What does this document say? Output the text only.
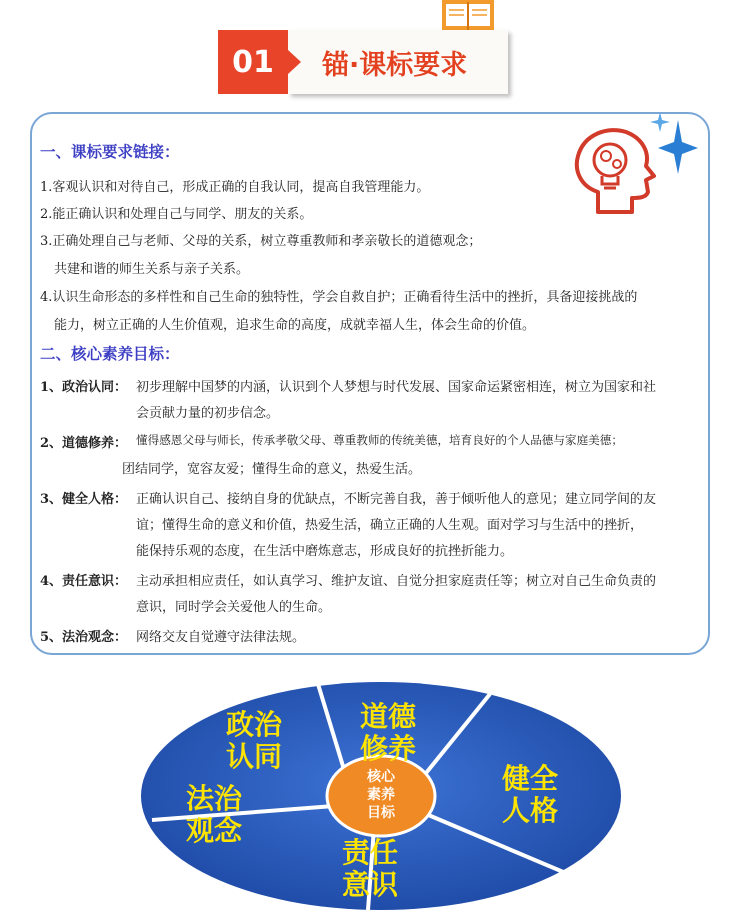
锚·课标要求
01
一、课标要求链接：
1.客观认识和对待自己，形成正确的自我认同，提高自我管理能力。
2.能正确认识和处理自己与同学、朋友的关系。
3.正确处理自己与老师、父母的关系，树立尊重教师和孝亲敬长的道德观念；
共建和谐的师生关系与亲子关系。
4.认识生命形态的多样性和自己生命的独特性，学会自救自护；正确看待生活中的挫折，具备迎接挑战的
能力，树立正确的人生价值观，追求生命的高度，成就幸福人生，体会生命的价值。
二、核心素养目标：
1、政治认同： 初步理解中国梦的内涵，认识到个人梦想与时代发展、国家命运紧密相连，树立为国家和社
会贡献力量的初步信念。
2、道德修养： 懂得感恩父母与师长，传承孝敬父母、尊重教师的传统美德，培育良好的个人品德与家庭美德；
团结同学，宽容友爱；懂得生命的意义，热爱生活。
3、健全人格： 正确认识自己、接纳自身的优缺点，不断完善自我，善于倾听他人的意见；建立同学间的友
谊；懂得生命的意义和价值，热爱生活，确立正确的人生观。面对学习与生活中的挫折，
能保持乐观的态度，在生活中磨炼意志，形成良好的抗挫折能力。
4、责任意识： 主动承担相应责任，如认真学习、维护友谊、自觉分担家庭责任等；树立对自己生命负责的
意识，同时学会关爱他人的生命。
5、法治观念： 网络交友自觉遵守法律法规。
核心
素养
目标
政治
认同
道德
修养
健全
人格
责任
意识
法治
观念
